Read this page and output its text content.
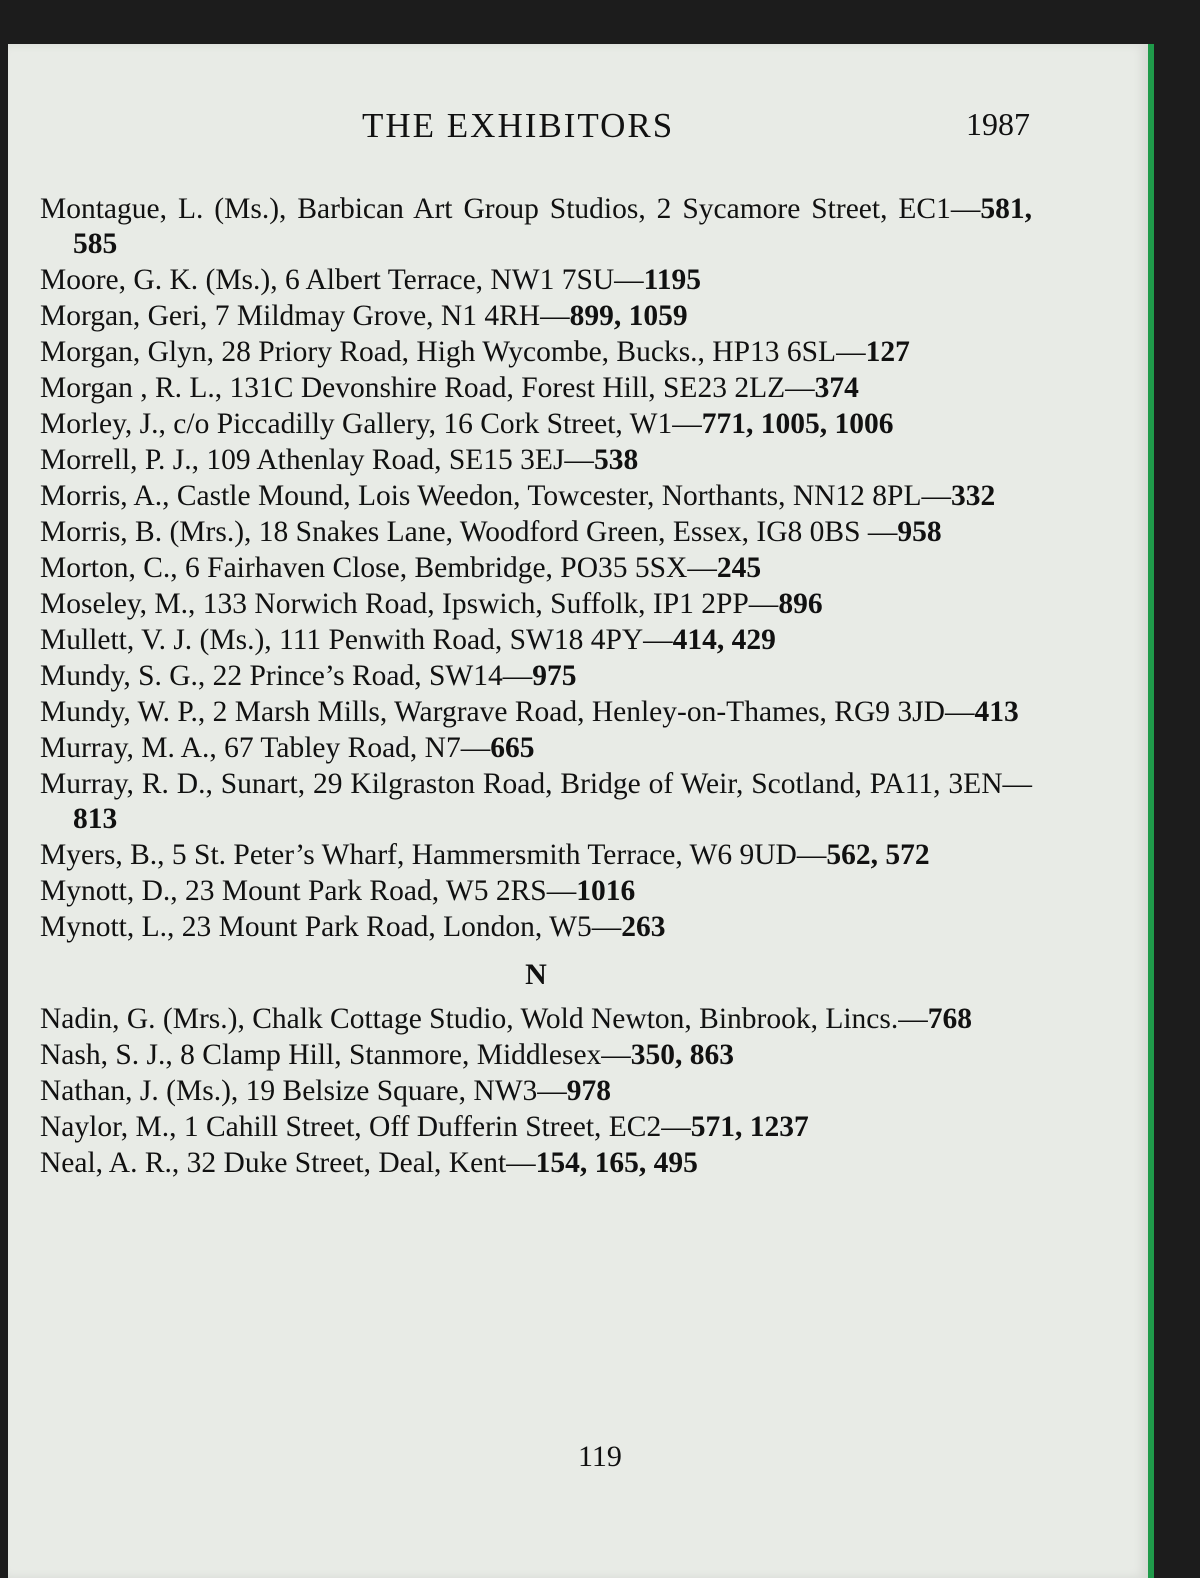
THE EXHIBITORS	1987
Montague, L. (Ms.), Barbican Art Group Studios, 2 Sycamore Street, EC1—581, 585
Moore, G. K. (Ms.), 6 Albert Terrace, NW1 7SU—1195
Morgan, Geri, 7 Mildmay Grove, N1 4RH—899, 1059
Morgan, Glyn, 28 Priory Road, High Wycombe, Bucks., HP13 6SL—127
Morgan , R. L., 131C Devonshire Road, Forest Hill, SE23 2LZ—374
Morley, J., c/o Piccadilly Gallery, 16 Cork Street, W1—771, 1005, 1006
Morrell, P. J., 109 Athenlay Road, SE15 3EJ—538
Morris, A., Castle Mound, Lois Weedon, Towcester, Northants, NN12 8PL—332
Morris, B. (Mrs.), 18 Snakes Lane, Woodford Green, Essex, IG8 0BS —958
Morton, C., 6 Fairhaven Close, Bembridge, PO35 5SX—245
Moseley, M., 133 Norwich Road, Ipswich, Suffolk, IP1 2PP—896
Mullett, V. J. (Ms.), 111 Penwith Road, SW18 4PY—414, 429
Mundy, S. G., 22 Prince’s Road, SW14—975
Mundy, W. P., 2 Marsh Mills, Wargrave Road, Henley-on-Thames, RG9 3JD—413
Murray, M. A., 67 Tabley Road, N7—665
Murray, R. D., Sunart, 29 Kilgraston Road, Bridge of Weir, Scotland, PA11, 3EN—813
Myers, B., 5 St. Peter’s Wharf, Hammersmith Terrace, W6 9UD—562, 572
Mynott, D., 23 Mount Park Road, W5 2RS—1016
Mynott, L., 23 Mount Park Road, London, W5—263
N
Nadin, G. (Mrs.), Chalk Cottage Studio, Wold Newton, Binbrook, Lincs.—768
Nash, S. J., 8 Clamp Hill, Stanmore, Middlesex—350, 863
Nathan, J. (Ms.), 19 Belsize Square, NW3—978
Naylor, M., 1 Cahill Street, Off Dufferin Street, EC2—571, 1237
Neal, A. R., 32 Duke Street, Deal, Kent—154, 165, 495
119
